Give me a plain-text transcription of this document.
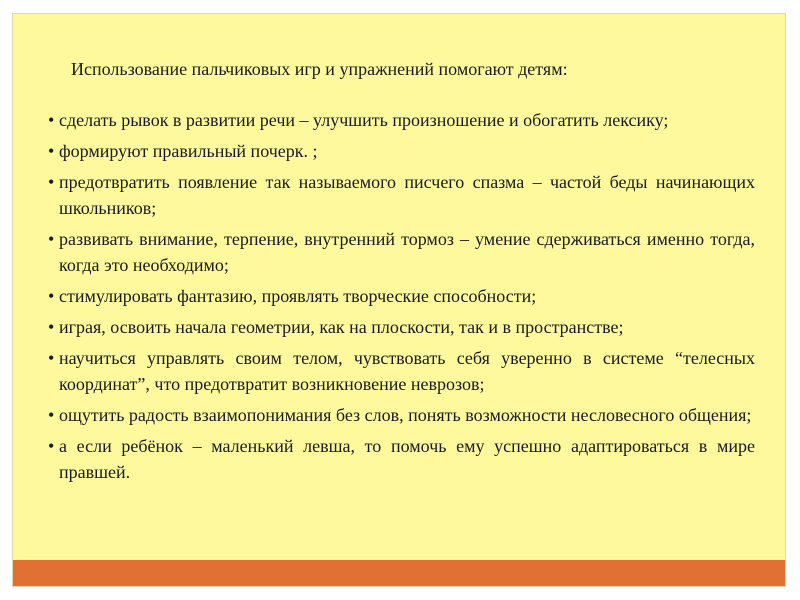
Использование пальчиковых игр и упражнений помогают детям:

• сделать рывок в развитии речи – улучшить произношение и обогатить лексику;
• формируют правильный почерк. ;
• предотвратить появление так называемого писчего спазма – частой беды начинающих школьников;
• развивать внимание, терпение, внутренний тормоз – умение сдерживаться именно тогда, когда это необходимо;
• стимулировать фантазию, проявлять творческие способности;
• играя, освоить начала геометрии, как на плоскости, так и в пространстве;
• научиться управлять своим телом, чувствовать себя уверенно в системе “телесных координат”, что предотвратит возникновение неврозов;
• ощутить радость взаимопонимания без слов, понять возможности несловесного общения;
• а если ребёнок – маленький левша, то помочь ему успешно адаптироваться в мире правшей.
